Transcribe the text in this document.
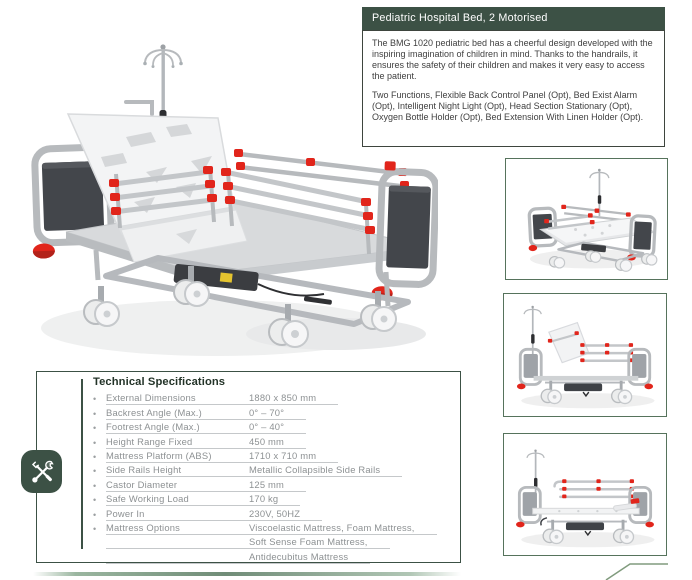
Pediatric Hospital Bed, 2 Motorised

The BMG 1020 pediatric bed has a cheerful design developed with the inspiring imagination of children in mind. Thanks to the handrails, it ensures the safety of their children and makes it very easy to access the patient.

Two Functions, Flexible Back Control Panel (Opt), Bed Exist Alarm (Opt), Intelligent Night Light (Opt), Head Section Stationary (Opt), Oxygen Bottle Holder (Opt), Bed Extension With Linen Holder (Opt).

Technical Specifications
•	External Dimensions	1880 x 850 mm
•	Backrest Angle (Max.)	0° – 70°
•	Footrest Angle (Max.)	0° – 40°
•	Height Range Fixed	450 mm
•	Mattress Platform (ABS)	1710 x 710 mm
•	Side Rails Height	Metallic Collapsible Side Rails
•	Castor Diameter	125 mm
•	Safe Working Load	170 kg
•	Power In	230V, 50HZ
•	Mattress Options	Viscoelastic Mattress, Foam Mattress,
Soft Sense Foam Mattress,
Antidecubitus Mattress
